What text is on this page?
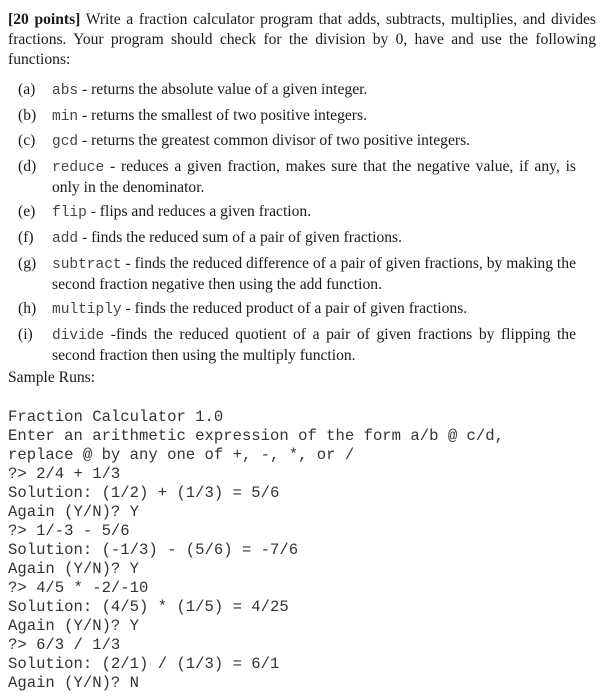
[20 points] Write a fraction calculator program that adds, subtracts, multiplies, and divides fractions. Your program should check for the division by 0, have and use the following functions:

(a)	abs - returns the absolute value of a given integer.
(b)	min - returns the smallest of two positive integers.
(c)	gcd - returns the greatest common divisor of two positive integers.
(d)	reduce - reduces a given fraction, makes sure that the negative value, if any, is only in the denominator.
(e)	flip - flips and reduces a given fraction.
(f)	add - finds the reduced sum of a pair of given fractions.
(g)	subtract - finds the reduced difference of a pair of given fractions, by making the second fraction negative then using the add function.
(h)	multiply - finds the reduced product of a pair of given fractions.
(i)	divide -finds the reduced quotient of a pair of given fractions by flipping the second fraction then using the multiply function.
Sample Runs:
Fraction Calculator 1.0
Enter an arithmetic expression of the form a/b @ c/d,
replace @ by any one of +, -, *, or /
?> 2/4 + 1/3
Solution: (1/2) + (1/3) = 5/6
Again (Y/N)? Y
?> 1/-3 - 5/6
Solution: (-1/3) - (5/6) = -7/6
Again (Y/N)? Y
?> 4/5 * -2/-10
Solution: (4/5) * (1/5) = 4/25
Again (Y/N)? Y
?> 6/3 / 1/3
Solution: (2/1) / (1/3) = 6/1
Again (Y/N)? N
